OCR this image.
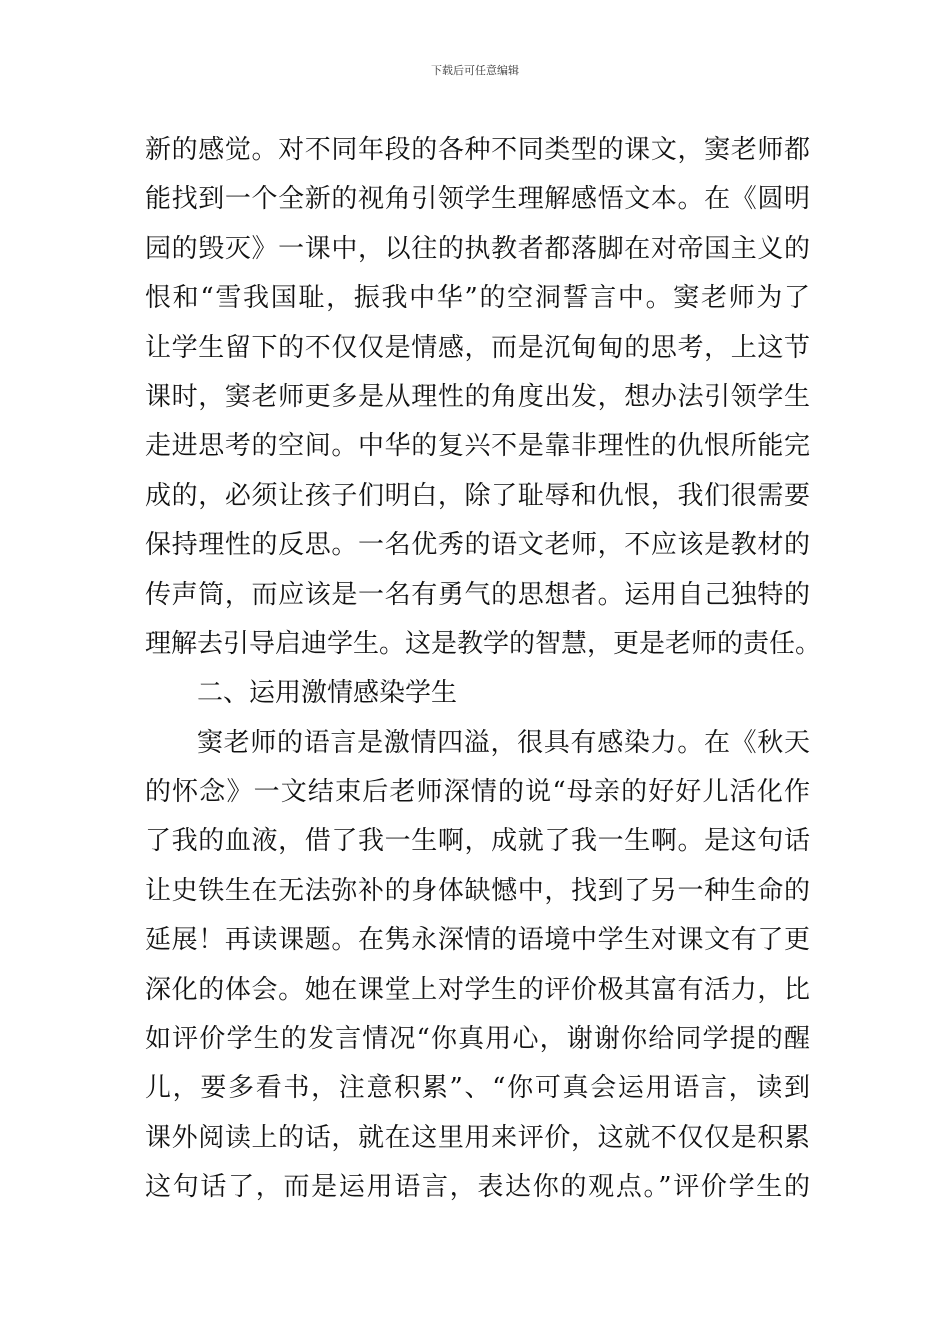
下载后可任意编辑
新的感觉。对不同年段的各种不同类型的课文，窦老师都
能找到一个全新的视角引领学生理解感悟文本。在《圆明
园的毁灭》一课中，以往的执教者都落脚在对帝国主义的
恨和“雪我国耻，振我中华”的空洞誓言中。窦老师为了
让学生留下的不仅仅是情感，而是沉甸甸的思考，上这节
课时，窦老师更多是从理性的角度出发，想办法引领学生
走进思考的空间。中华的复兴不是靠非理性的仇恨所能完
成的，必须让孩子们明白，除了耻辱和仇恨，我们很需要
保持理性的反思。一名优秀的语文老师，不应该是教材的
传声筒，而应该是一名有勇气的思想者。运用自己独特的
理解去引导启迪学生。这是教学的智慧，更是老师的责任。
二、运用激情感染学生
窦老师的语言是激情四溢，很具有感染力。在《秋天
的怀念》一文结束后老师深情的说“母亲的好好儿活化作
了我的血液，借了我一生啊，成就了我一生啊。是这句话
让史铁生在无法弥补的身体缺憾中，找到了另一种生命的
延展！再读课题。在隽永深情的语境中学生对课文有了更
深化的体会。她在课堂上对学生的评价极其富有活力，比
如评价学生的发言情况“你真用心，谢谢你给同学提的醒
儿，要多看书，注意积累”、“你可真会运用语言，读到
课外阅读上的话，就在这里用来评价，这就不仅仅是积累
这句话了，而是运用语言，表达你的观点。”评价学生的
